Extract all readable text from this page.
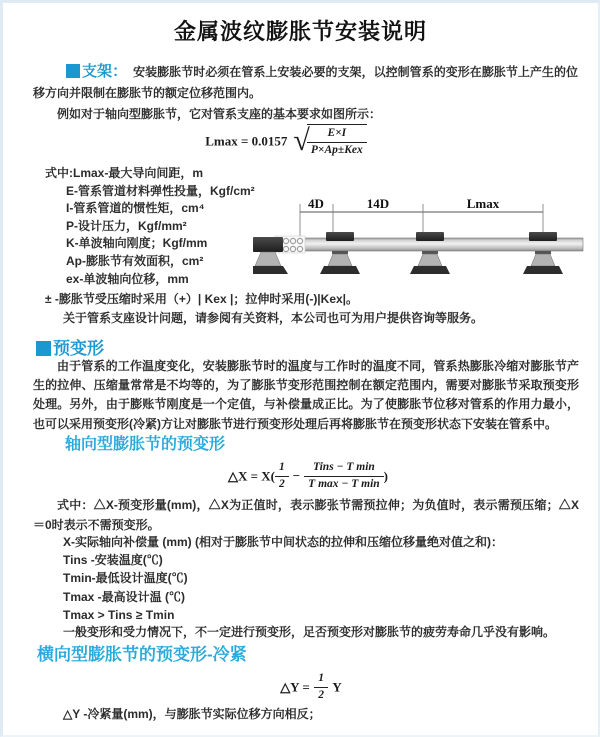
金属波纹膨胀节安装说明
支架： 安装膨胀节时必须在管系上安装必要的支架，以控制管系的变形在膨胀节上产生的位移方向并限制在膨胀节的额定位移范围内。
例如对于轴向型膨胀节，它对管系支座的基本要求如图所示：
Lmax = 0.0157 √
$\frac{E\times I}{\text{P×Ap±Kex}}$
式中:Lmax-最大导向间距，m
E-管系管道材料弹性投量，Kgf/cm²
I-管系管道的惯性矩，cm⁴
P-设计压力，Kgf/mm²
K-单波轴向刚度；Kgf/mm
Ap-膨胀节有效面积，cm²
ex-单波轴向位移，mm
4D	14D	Lmax
± -膨胀节受压缩时采用（+）| Kex |；拉伸时采用(-)|Kex|。
关于管系支座设计问题，请参阅有关资料，本公司也可为用户提供咨询等服务。
预变形
由于管系的工作温度变化，安装膨胀节时的温度与工作时的温度不同，管系热膨胀冷缩对膨胀节产生的拉伸、压缩量常常是不均等的，为了膨胀节变形范围控制在额定范围内，需要对膨胀节采取预变形处理。另外，由于膨账节刚度是一个定值，与补偿量成正比。为了使膨胀节位移对管系的作用力最小，也可以采用预变形(冷紧)方让对膨胀节进行预变形处理后再将膨胀节在预变形状态下安装在管系中。
轴向型膨胀节的预变形
△X = $X( \frac{1}{2} - \frac{\text{Tins − T min}}{\text{T max − T min}}$ )
式中：△X-预变形量(mm)，△X为正值时，表示膨张节需预拉伸；为负值时，表示需预压缩；△X＝0时表示不需预变形。
X-实际轴向补偿量 (mm) (相对于膨胀节中间状态的拉伸和压缩位移量绝对值之和)：
Tins -安装温度(℃)
Tmin-最低设计温度(℃)
Tmax -最高设计温 (℃)
Tmax > Tins ≥ Tmin
一般变形和受力情况下，不一定进行预变形，足否预变形对膨胀节的疲劳寿命几乎没有影响。
横向型膨胀节的预变形-冷紧
△Y = $\frac{1}{2}$ Y
△Y -冷紧量(mm)，与膨胀节实际位移方向相反；
